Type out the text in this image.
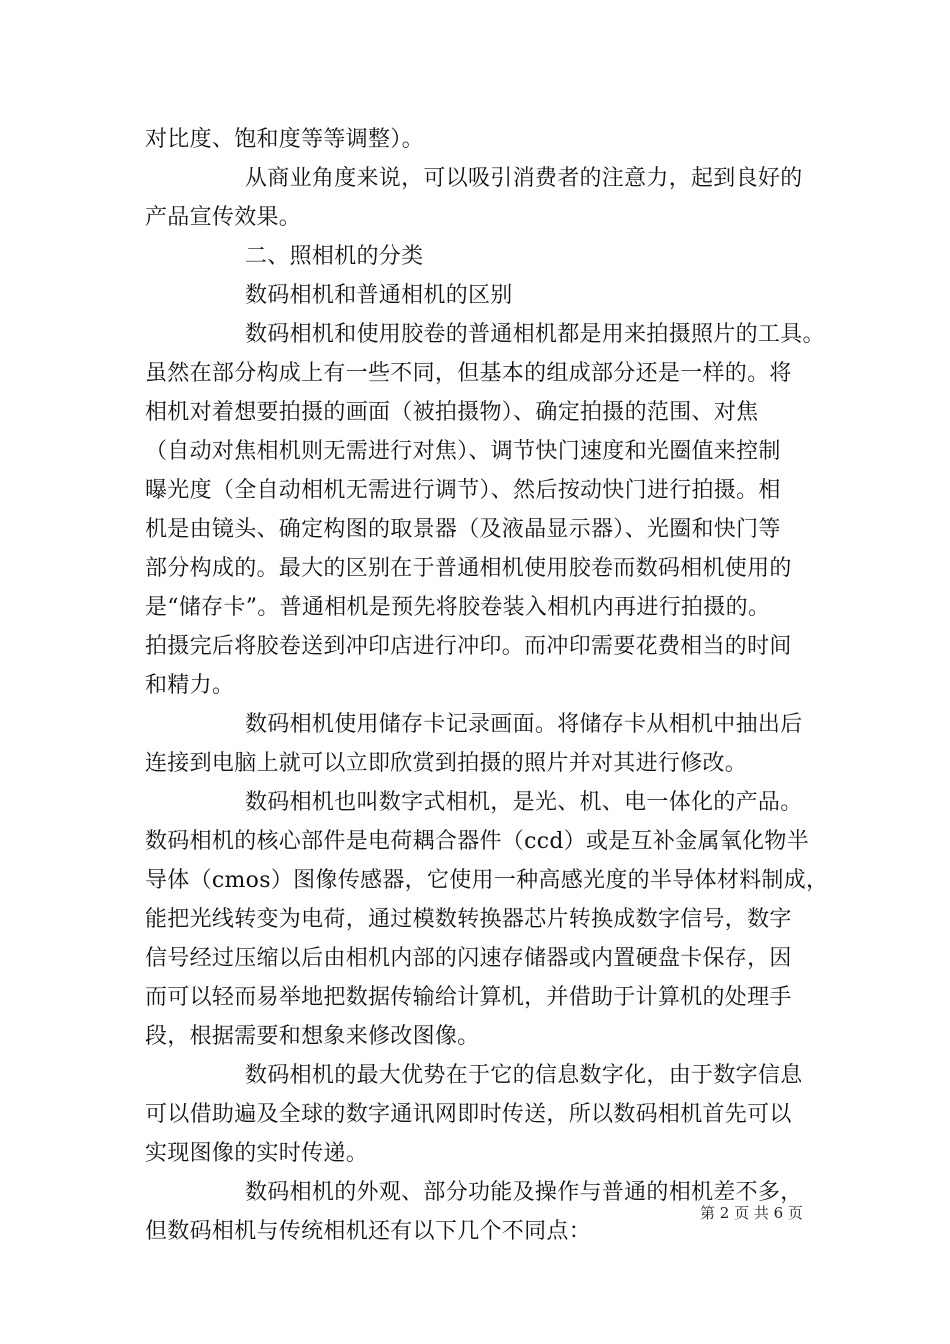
对比度、饱和度等等调整）。
从商业角度来说，可以吸引消费者的注意力，起到良好的
产品宣传效果。
二、照相机的分类
数码相机和普通相机的区别
数码相机和使用胶卷的普通相机都是用来拍摄照片的工具。
虽然在部分构成上有一些不同，但基本的组成部分还是一样的。将
相机对着想要拍摄的画面（被拍摄物）、确定拍摄的范围、对焦
（自动对焦相机则无需进行对焦）、调节快门速度和光圈值来控制
曝光度（全自动相机无需进行调节）、然后按动快门进行拍摄。相
机是由镜头、确定构图的取景器（及液晶显示器）、光圈和快门等
部分构成的。最大的区别在于普通相机使用胶卷而数码相机使用的
是“储存卡”。普通相机是预先将胶卷装入相机内再进行拍摄的。
拍摄完后将胶卷送到冲印店进行冲印。而冲印需要花费相当的时间
和精力。
数码相机使用储存卡记录画面。将储存卡从相机中抽出后
连接到电脑上就可以立即欣赏到拍摄的照片并对其进行修改。
数码相机也叫数字式相机，是光、机、电一体化的产品。
数码相机的核心部件是电荷耦合器件（ccd）或是互补金属氧化物半
导体（cmos）图像传感器，它使用一种高感光度的半导体材料制成，
能把光线转变为电荷，通过模数转换器芯片转换成数字信号，数字
信号经过压缩以后由相机内部的闪速存储器或内置硬盘卡保存，因
而可以轻而易举地把数据传输给计算机，并借助于计算机的处理手
段，根据需要和想象来修改图像。
数码相机的最大优势在于它的信息数字化，由于数字信息
可以借助遍及全球的数字通讯网即时传送，所以数码相机首先可以
实现图像的实时传递。
数码相机的外观、部分功能及操作与普通的相机差不多，
但数码相机与传统相机还有以下几个不同点：
第 2 页 共 6 页
